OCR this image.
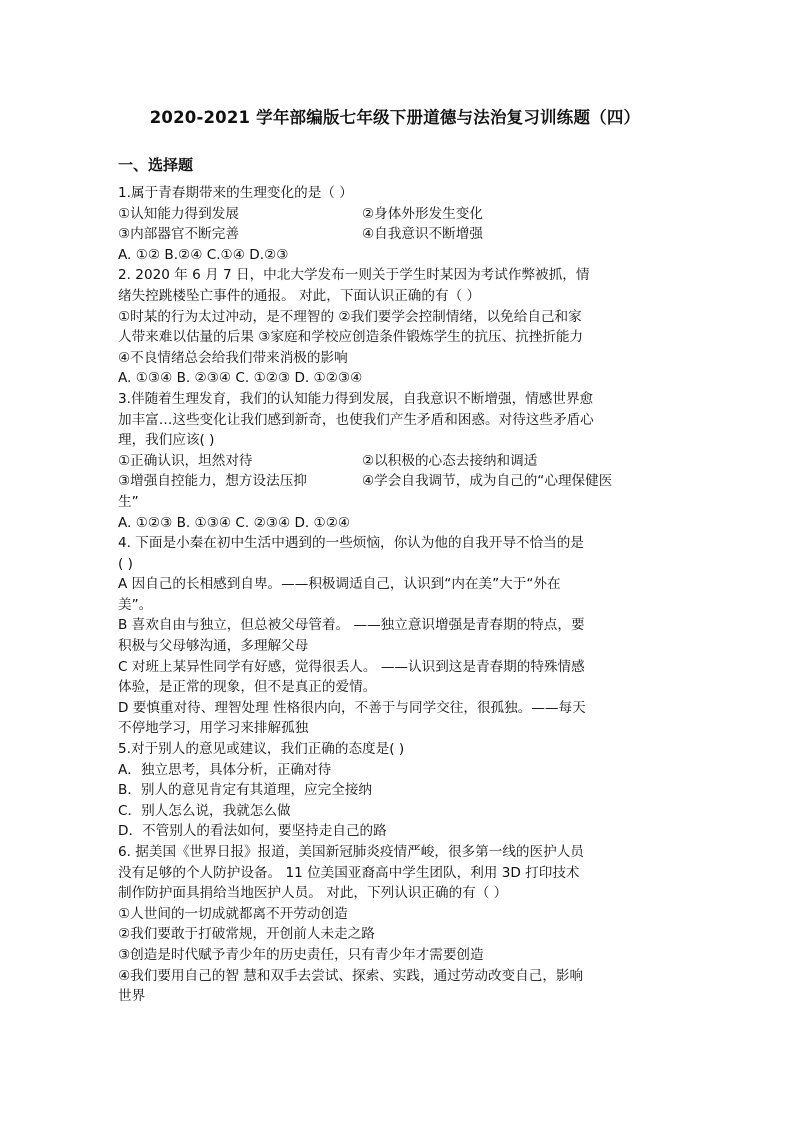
2020-2021 学年部编版七年级下册道德与法治复习训练题（四）
一、选择题
1.属于青春期带来的生理变化的是（ ）
①认知能力得到发展	②身体外形发生变化
③内部器官不断完善	④自我意识不断增强
A. ①② B.②④ C.①④ D.②③
2. 2020 年 6 月 7 日，中北大学发布一则关于学生时某因为考试作弊被抓，情
绪失控跳楼坠亡事件的通报。 对此，下面认识正确的有（ ）
①时某的行为太过冲动，是不理智的 ②我们要学会控制情绪，以免给自己和家
人带来难以估量的后果 ③家庭和学校应创造条件锻炼学生的抗压、抗挫折能力
④不良情绪总会给我们带来消极的影响
A. ①③④ B. ②③④ C. ①②③ D. ①②③④
3.伴随着生理发育，我们的认知能力得到发展，自我意识不断增强，情感世界愈
加丰富…这些变化让我们感到新奇，也使我们产生矛盾和困惑。对待这些矛盾心
理，我们应该( )
①正确认识，坦然对待	②以积极的心态去接纳和调适
③增强自控能力，想方设法压抑	④学会自我调节，成为自己的“心理保健医
生”
A. ①②③ B. ①③④ C. ②③④ D. ①②④
4. 下面是小秦在初中生活中遇到的一些烦恼，你认为他的自我开导不恰当的是
( )
A 因自己的长相感到自卑。——积极调适自己，认识到“内在美”大于“外在
美”。
B 喜欢自由与独立，但总被父母管着。 ——独立意识增强是青春期的特点，要
积极与父母够沟通，多理解父母
C 对班上某异性同学有好感，觉得很丢人。 ——认识到这是青春期的特殊情感
体验，是正常的现象，但不是真正的爱情。
D 要慎重对待、理智处理 性格很内向，不善于与同学交往，很孤独。——每天
不停地学习，用学习来排解孤独
5.对于别人的意见或建议，我们正确的态度是( )
A．独立思考，具体分析，正确对待
B．别人的意见肯定有其道理，应完全接纳
C．别人怎么说，我就怎么做
D．不管别人的看法如何，要坚持走自己的路
6. 据美国《世界日报》报道，美国新冠肺炎疫情严峻，很多第一线的医护人员
没有足够的个人防护设备。 11 位美国亚裔高中学生团队，利用 3D 打印技术
制作防护面具捐给当地医护人员。 对此，下列认识正确的有（ ）
①人世间的一切成就都离不开劳动创造
②我们要敢于打破常规，开创前人未走之路
③创造是时代赋予青少年的历史责任，只有青少年才需要创造
④我们要用自己的智 慧和双手去尝试、探索、实践，通过劳动改变自己，影响
世界
